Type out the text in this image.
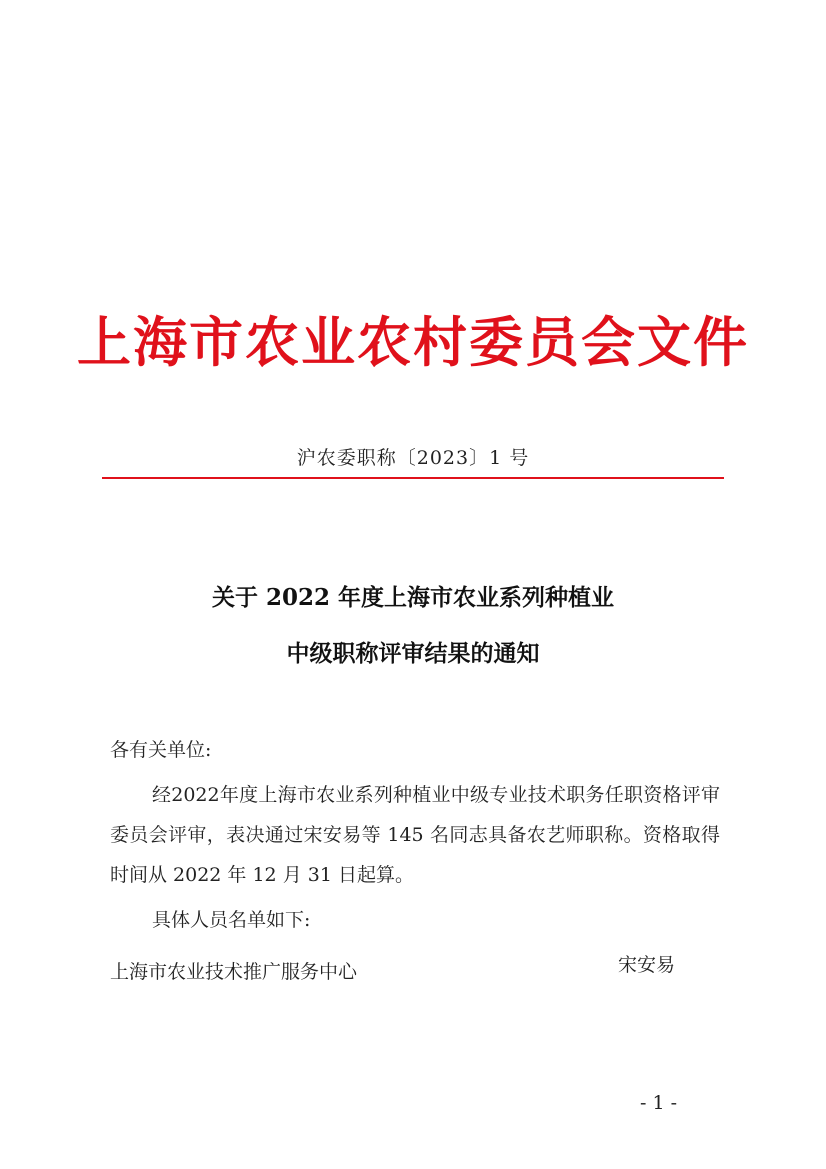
上海市农业农村委员会文件
沪农委职称〔2023〕1 号
关于 2022 年度上海市农业系列种植业
中级职称评审结果的通知
各有关单位:
经2022年度上海市农业系列种植业中级专业技术职务任职资格评审委员会评审，表决通过宋安易等 145 名同志具备农艺师职称。资格取得时间从 2022 年 12 月 31 日起算。
具体人员名单如下:
上海市农业技术推广服务中心	宋安易
- 1 -
